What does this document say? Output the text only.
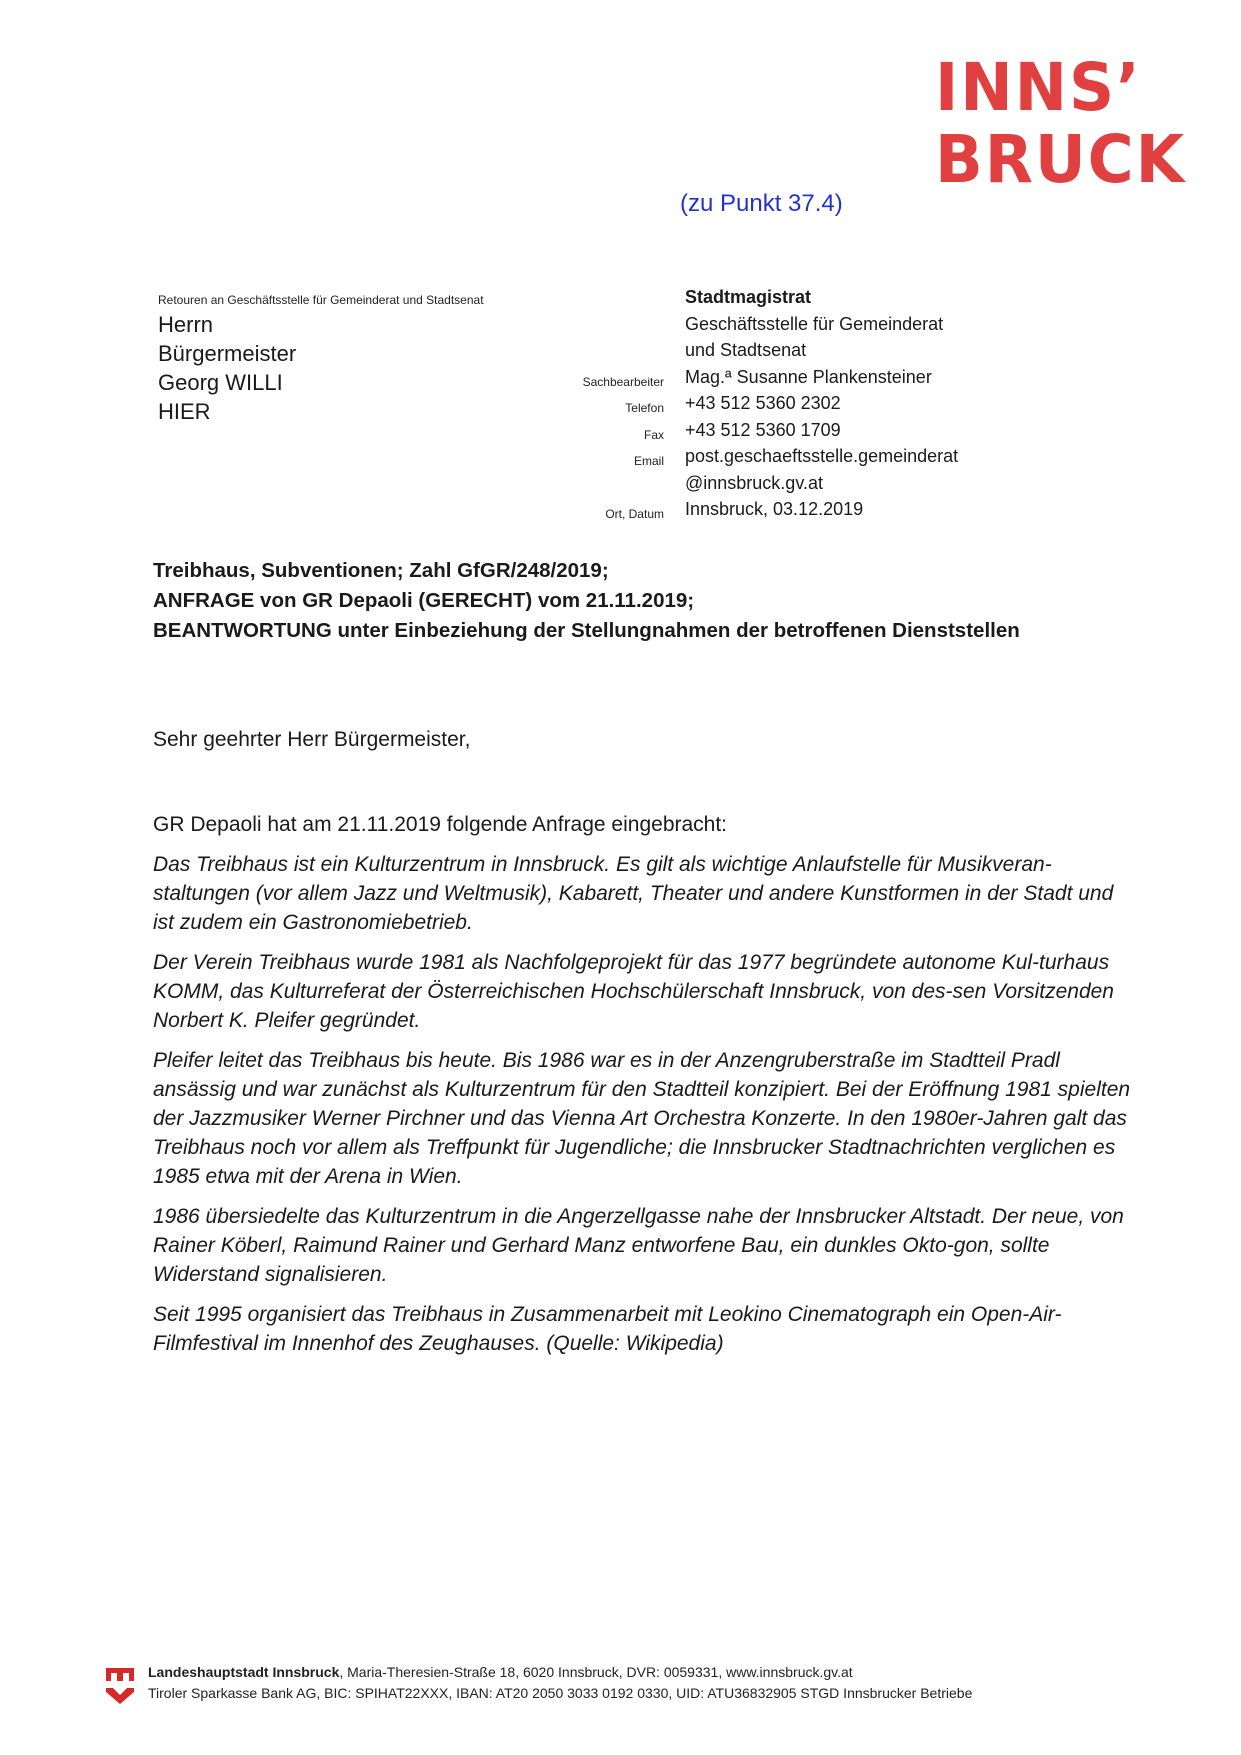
INNS’
BRUCK
(zu Punkt 37.4)
Retouren an Geschäftsstelle für Gemeinderat und Stadtsenat
Herrn
Bürgermeister
Georg WILLI
HIER
Sachbearbeiter
Telefon
Fax
Email
Ort, Datum
Stadtmagistrat
Geschäftsstelle für Gemeinderat
und Stadtsenat
Mag.ª Susanne Plankensteiner
+43 512 5360 2302
+43 512 5360 1709
post.geschaeftsstelle.gemeinderat
@innsbruck.gv.at
Innsbruck, 03.12.2019
Treibhaus, Subventionen; Zahl GfGR/248/2019;
ANFRAGE von GR Depaoli (GERECHT) vom 21.11.2019;
BEANTWORTUNG unter Einbeziehung der Stellungnahmen der betroffenen Dienststellen
Sehr geehrter Herr Bürgermeister,
GR Depaoli hat am 21.11.2019 folgende Anfrage eingebracht:

Das Treibhaus ist ein Kulturzentrum in Innsbruck. Es gilt als wichtige Anlaufstelle für Musikveran-staltungen (vor allem Jazz und Weltmusik), Kabarett, Theater und andere Kunstformen in der Stadt und ist zudem ein Gastronomiebetrieb.

Der Verein Treibhaus wurde 1981 als Nachfolgeprojekt für das 1977 begründete autonome Kul-turhaus KOMM, das Kulturreferat der Österreichischen Hochschülerschaft Innsbruck, von des-sen Vorsitzenden Norbert K. Pleifer gegründet.

Pleifer leitet das Treibhaus bis heute. Bis 1986 war es in der Anzengruberstraße im Stadtteil Pradl ansässig und war zunächst als Kulturzentrum für den Stadtteil konzipiert. Bei der Eröffnung 1981 spielten der Jazzmusiker Werner Pirchner und das Vienna Art Orchestra Konzerte. In den 1980er-Jahren galt das Treibhaus noch vor allem als Treffpunkt für Jugendliche; die Innsbrucker Stadtnachrichten verglichen es 1985 etwa mit der Arena in Wien.

1986 übersiedelte das Kulturzentrum in die Angerzellgasse nahe der Innsbrucker Altstadt. Der neue, von Rainer Köberl, Raimund Rainer und Gerhard Manz entworfene Bau, ein dunkles Okto-gon, sollte Widerstand signalisieren.

Seit 1995 organisiert das Treibhaus in Zusammenarbeit mit Leokino Cinematograph ein Open-Air-Filmfestival im Innenhof des Zeughauses. (Quelle: Wikipedia)

Landeshauptstadt Innsbruck, Maria-Theresien-Straße 18, 6020 Innsbruck, DVR: 0059331, www.innsbruck.gv.at
Tiroler Sparkasse Bank AG, BIC: SPIHAT22XXX, IBAN: AT20 2050 3033 0192 0330, UID: ATU36832905 STGD Innsbrucker Betriebe
